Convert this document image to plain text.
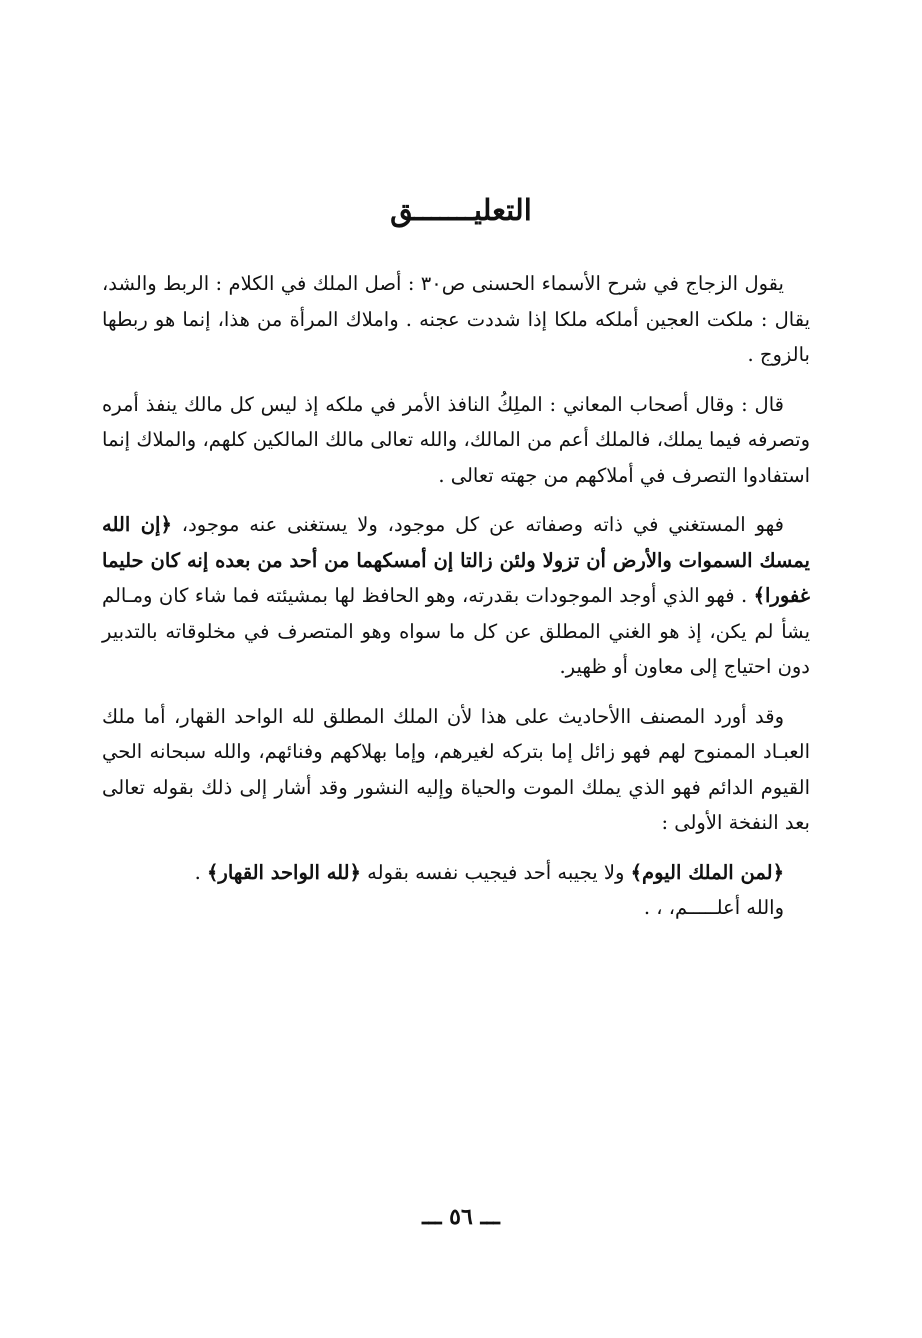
التعليـــــــق

يقول الزجاج في شرح الأسماء الحسنى ص٣٠ : أصل الملك في الكلام : الربط والشد، يقال : ملكت العجين أملكه ملكا إذا شددت عجنه . واملاك المرأة من هذا، إنما هو ربطها بالزوج .

قال : وقال أصحاب المعاني : الملِكُ النافذ الأمر في ملكه إذ ليس كل مالك ينفذ أمره وتصرفه فيما يملك، فالملك أعم من المالك، والله تعالى مالك المالكين كلهم، والملاك إنما استفادوا التصرف في أملاكهم من جهته تعالى .

فهو المستغني في ذاته وصفاته عن كل موجود، ولا يستغنى عنه موجود، ﴿إن الله يمسك السموات والأرض أن تزولا ولئن زالتا إن أمسكهما من أحد من بعده إنه كان حليما غفورا﴾ . فهو الذي أوجد الموجودات بقدرته، وهو الحافظ لها بمشيئته فما شاء كان ومـالم يشأ لم يكن، إذ هو الغني المطلق عن كل ما سواه وهو المتصرف في مخلوقاته بالتدبير دون احتياج إلى معاون أو ظهير.

وقد أورد المصنف االأحاديث على هذا لأن الملك المطلق لله الواحد القهار، أما ملك العبـاد الممنوح لهم فهو زائل إما بتركه لغيرهم، وإما بهلاكهم وفنائهم، والله سبحانه الحي القيوم الدائم فهو الذي يملك الموت والحياة وإليه النشور وقد أشار إلى ذلك بقوله تعالى بعد النفخة الأولى :

﴿لمن الملك اليوم﴾ ولا يجيبه أحد فيجيب نفسه بقوله ﴿لله الواحد القهار﴾ .

والله أعلـــــم، ، .

ـــ ٥٦ ـــ
